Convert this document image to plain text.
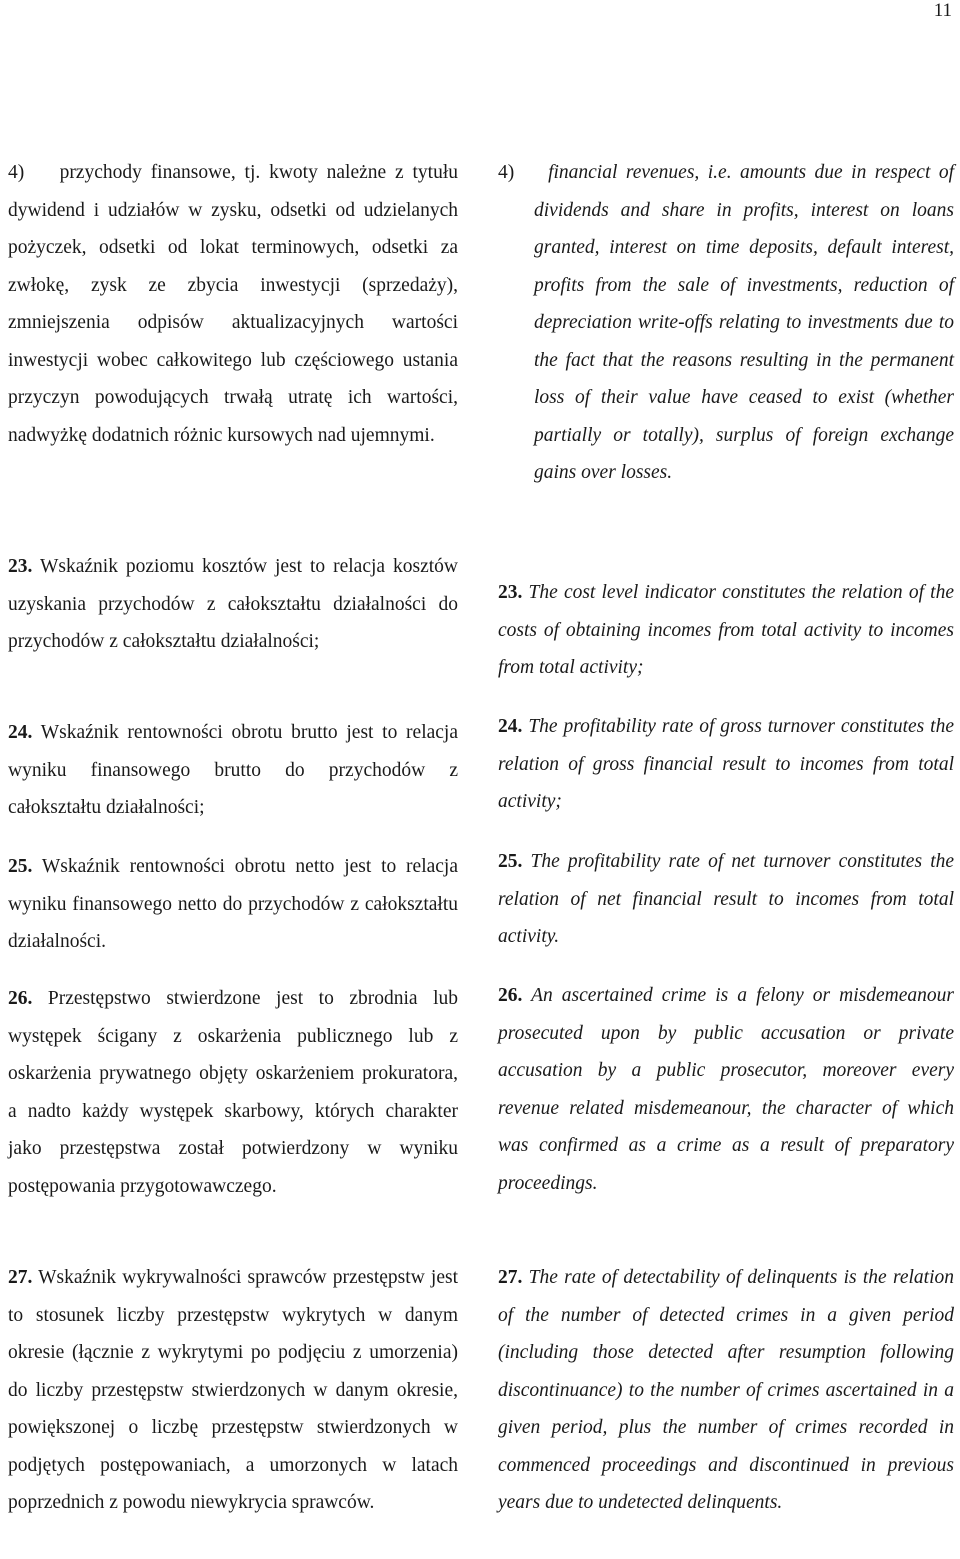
11

4) przychody finansowe, tj. kwoty należne z tytułu dywidend i udziałów w zysku, odsetki od udzielanych pożyczek, odsetki od lokat terminowych, odsetki za zwłokę, zysk ze zbycia inwestycji (sprzedaży), zmniejszenia odpisów aktualizacyjnych wartości inwestycji wobec całkowitego lub częściowego ustania przyczyn powodujących trwałą utratę ich wartości, nadwyżkę dodatnich różnic kursowych nad ujemnymi.

23. Wskaźnik poziomu kosztów jest to relacja kosztów uzyskania przychodów z całokształtu działalności do przychodów z całokształtu działalności;

24. Wskaźnik rentowności obrotu brutto jest to relacja wyniku finansowego brutto do przychodów z całokształtu działalności;

25. Wskaźnik rentowności obrotu netto jest to relacja wyniku finansowego netto do przychodów z całokształtu działalności.

26. Przestępstwo stwierdzone jest to zbrodnia lub występek ścigany z oskarżenia publicznego lub z oskarżenia prywatnego objęty oskarżeniem prokuratora, a nadto każdy występek skarbowy, których charakter jako przestępstwa został potwierdzony w wyniku postępowania przygotowawczego.

27. Wskaźnik wykrywalności sprawców przestępstw jest to stosunek liczby przestępstw wykrytych w danym okresie (łącznie z wykrytymi po podjęciu z umorzenia) do liczby przestępstw stwierdzonych w danym okresie, powiększonej o liczbę przestępstw stwierdzonych w podjętych postępowaniach, a umorzonych w latach poprzednich z powodu niewykrycia sprawców.

4) financial revenues, i.e. amounts due in respect of dividends and share in profits, interest on loans granted, interest on time deposits, default interest, profits from the sale of investments, reduction of depreciation write-offs relating to investments due to the fact that the reasons resulting in the permanent loss of their value have ceased to exist (whether partially or totally), surplus of foreign exchange gains over losses.

23. The cost level indicator constitutes the relation of the costs of obtaining incomes from total activity to incomes from total activity;

24. The profitability rate of gross turnover constitutes the relation of gross financial result to incomes from total activity;

25. The profitability rate of net turnover constitutes the relation of net financial result to incomes from total activity.

26. An ascertained crime is a felony or misdemeanour prosecuted upon by public accusation or private accusation by a public prosecutor, moreover every revenue related misdemeanour, the character of which was confirmed as a crime as a result of preparatory proceedings.

27. The rate of detectability of delinquents is the relation of the number of detected crimes in a given period (including those detected after resumption following discontinuance) to the number of crimes ascertained in a given period, plus the number of crimes recorded in commenced proceedings and discontinued in previous years due to undetected delinquents.
